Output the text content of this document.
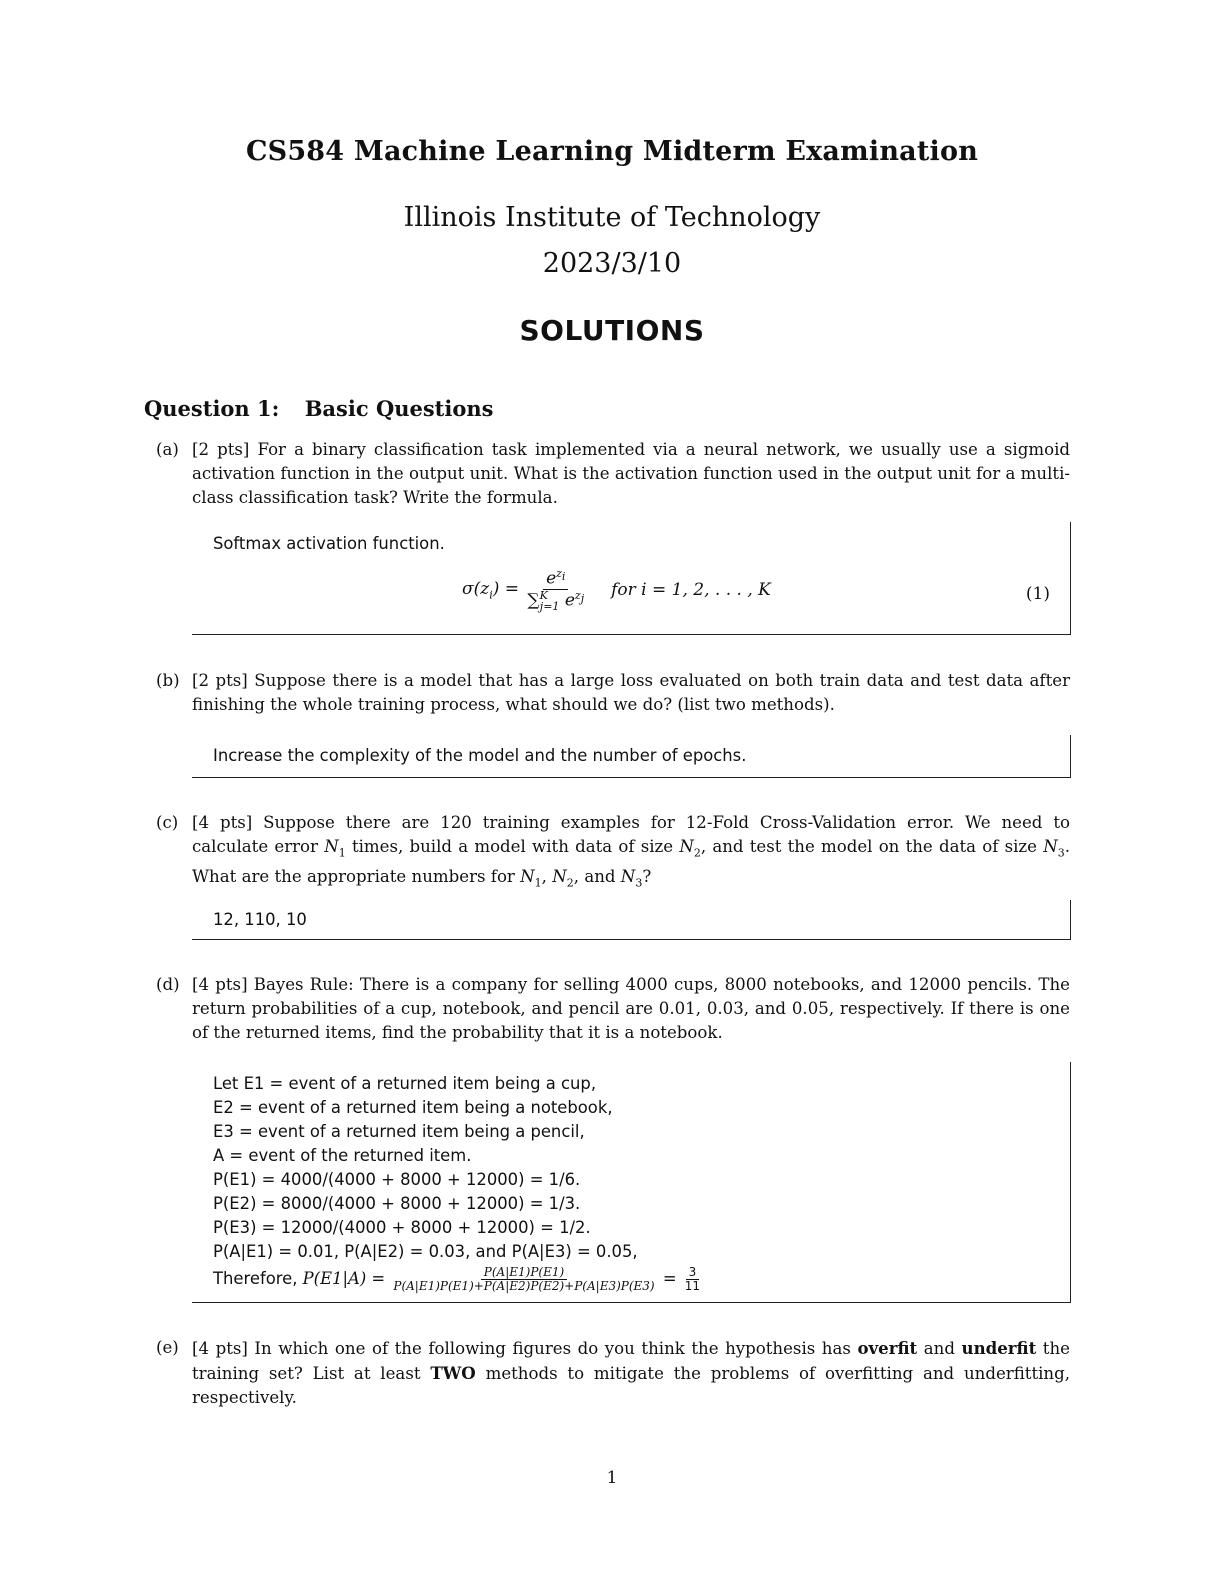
CS584 Machine Learning Midterm Examination
Illinois Institute of Technology
2023/3/10
SOLUTIONS
Question 1: Basic Questions
(a) [2 pts] For a binary classification task implemented via a neural network, we usually use a sigmoid activation function in the output unit. What is the activation function used in the output unit for a multi-class classification task? Write the formula.
Softmax activation function.
$\sigma(z_i) = \frac{e^{z_i}}{\sum^K_{j=1} e^{z_j}}$ for i = 1, 2, . . . , K	(1)
(b) [2 pts] Suppose there is a model that has a large loss evaluated on both train data and test data after finishing the whole training process, what should we do? (list two methods).
Increase the complexity of the model and the number of epochs.
(c) [4 pts] Suppose there are 120 training examples for 12-Fold Cross-Validation error. We need to calculate error $N_1$ times, build a model with data of size $N_2$, and test the model on the data of size $N_3$. What are the appropriate numbers for $N_1$, $N_2$, and $N_3$?
12, 110, 10
(d) [4 pts] Bayes Rule: There is a company for selling 4000 cups, 8000 notebooks, and 12000 pencils. The return probabilities of a cup, notebook, and pencil are 0.01, 0.03, and 0.05, respectively. If there is one of the returned items, find the probability that it is a notebook.
Let E1 = event of a returned item being a cup,
E2 = event of a returned item being a notebook,
E3 = event of a returned item being a pencil,
A = event of the returned item.
P(E1) = 4000/(4000 + 8000 + 12000) = 1/6.
P(E2) = 8000/(4000 + 8000 + 12000) = 1/3.
P(E3) = 12000/(4000 + 8000 + 12000) = 1/2.
P(A|E1) = 0.01, P(A|E2) = 0.03, and P(A|E3) = 0.05,
Therefore,
P(E1|A) =
$\frac{P(A|E1)P(E1)}{P(A|E1)P(E1)+P(A|E2)P(E2)+P(A|E3)P(E3)}$
=
$\frac{3}{11}$
(e) [4 pts] In which one of the following figures do you think the hypothesis has overfit and underfit the training set? List at least TWO methods to mitigate the problems of overfitting and underfitting, respectively.
1
